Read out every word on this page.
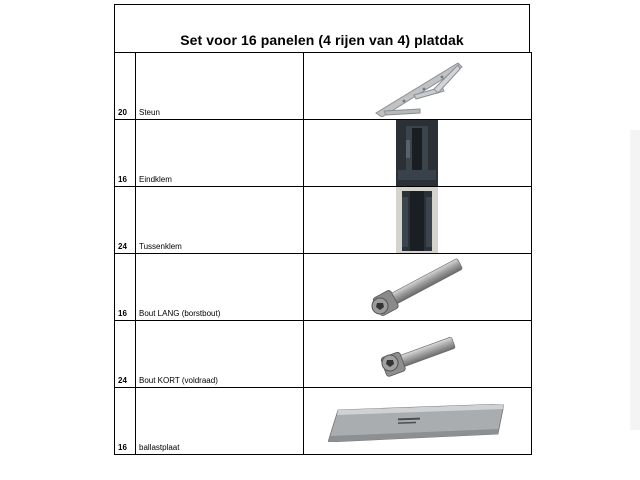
Set voor 16 panelen (4 rijen van 4) platdak
20	Steun	

16	Eindklem	

24	Tussenklem	

16	Bout LANG (borstbout)	

24	Bout KORT (voldraad)	

16	ballastplaat	
